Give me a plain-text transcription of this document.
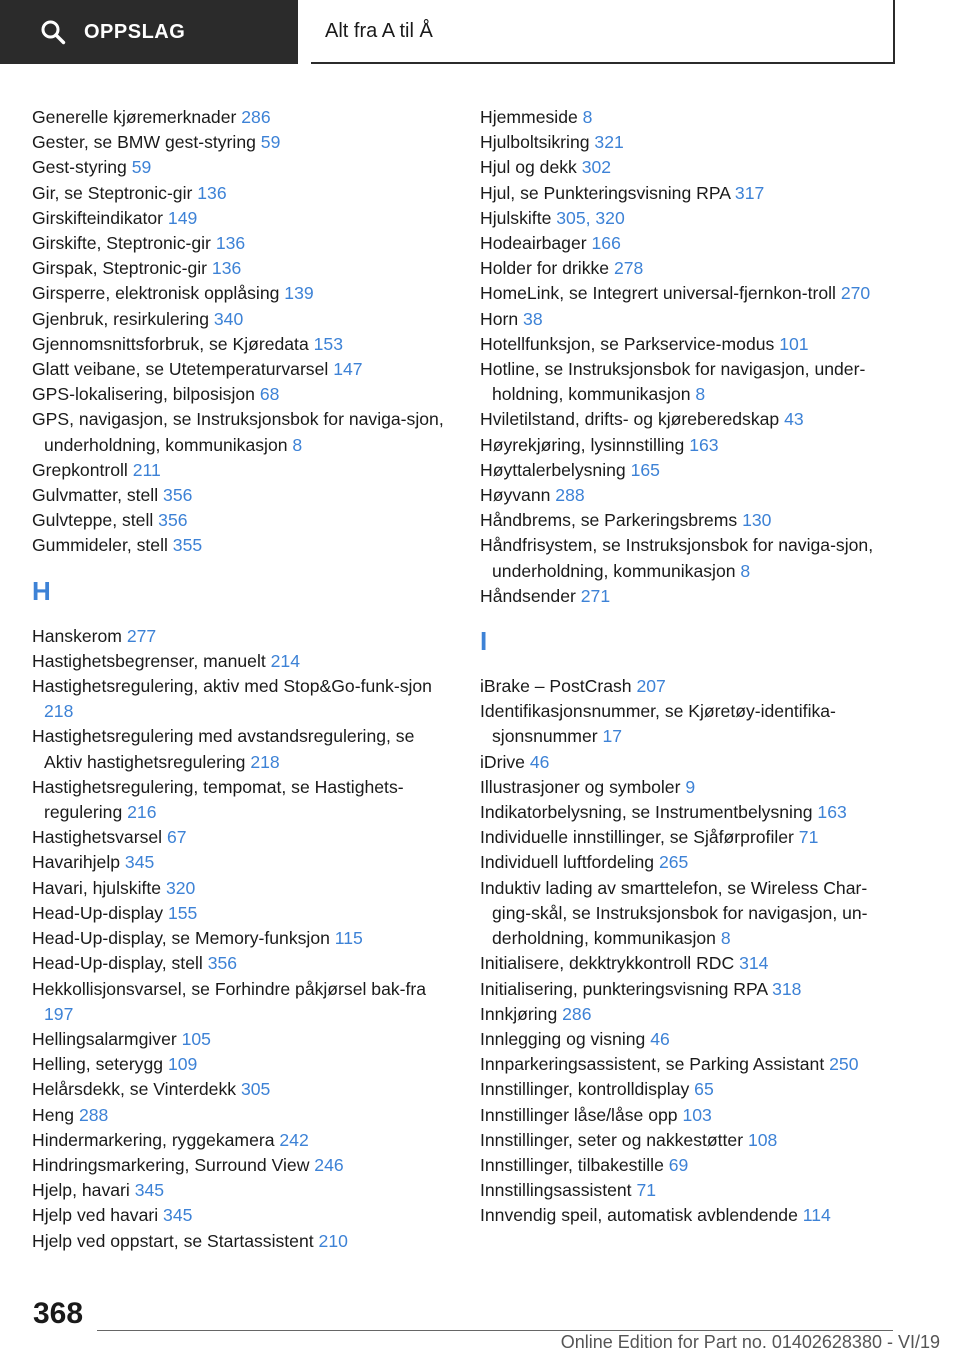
OPPSLAG	Alt fra A til Å
Generelle kjøremerknader 286
Gester, se BMW gest-styring 59
Gest-styring 59
Gir, se Steptronic-gir 136
Girskifteindikator 149
Girskifte, Steptronic-gir 136
Girspak, Steptronic-gir 136
Girsperre, elektronisk opplåsing 139
Gjenbruk, resirkulering 340
Gjennomsnittsforbruk, se Kjøredata 153
Glatt veibane, se Utetemperaturvarsel 147
GPS-lokalisering, bilposisjon 68
GPS, navigasjon, se Instruksjonsbok for naviga-sjon, underholdning, kommunikasjon 8
Grepkontroll 211
Gulvmatter, stell 356
Gulvteppe, stell 356
Gummideler, stell 355
H
Hanskerom 277
Hastighetsbegrenser, manuelt 214
Hastighetsregulering, aktiv med Stop&Go-funk-sjon 218
Hastighetsregulering med avstandsregulering, se Aktiv hastighetsregulering 218
Hastighetsregulering, tempomat, se Hastighets-regulering 216
Hastighetsvarsel 67
Havarihjelp 345
Havari, hjulskifte 320
Head-Up-display 155
Head-Up-display, se Memory-funksjon 115
Head-Up-display, stell 356
Hekkollisjonsvarsel, se Forhindre påkjørsel bak-fra 197
Hellingsalarmgiver 105
Helling, seterygg 109
Helårsdekk, se Vinterdekk 305
Heng 288
Hindermarkering, ryggekamera 242
Hindringsmarkering, Surround View 246
Hjelp, havari 345
Hjelp ved havari 345
Hjelp ved oppstart, se Startassistent 210
Hjemmeside 8
Hjulboltsikring 321
Hjul og dekk 302
Hjul, se Punkteringsvisning RPA 317
Hjulskifte 305, 320
Hodeairbager 166
Holder for drikke 278
HomeLink, se Integrert universal-fjernkon-troll 270
Horn 38
Hotellfunksjon, se Parkservice-modus 101
Hotline, se Instruksjonsbok for navigasjon, under-holdning, kommunikasjon 8
Hviletilstand, drifts- og kjøreberedskap 43
Høyrekjøring, lysinnstilling 163
Høyttalerbelysning 165
Høyvann 288
Håndbrems, se Parkeringsbrems 130
Håndfrisystem, se Instruksjonsbok for naviga-sjon, underholdning, kommunikasjon 8
Håndsender 271
I
iBrake – PostCrash 207
Identifikasjonsnummer, se Kjøretøy-identifika-sjonsnummer 17
iDrive 46
Illustrasjoner og symboler 9
Indikatorbelysning, se Instrumentbelysning 163
Individuelle innstillinger, se Sjåførprofiler 71
Individuell luftfordeling 265
Induktiv lading av smarttelefon, se Wireless Char-ging-skål, se Instruksjonsbok for navigasjon, un-derholdning, kommunikasjon 8
Initialisere, dekktrykkontroll RDC 314
Initialisering, punkteringsvisning RPA 318
Innkjøring 286
Innlegging og visning 46
Innparkeringsassistent, se Parking Assistant 250
Innstillinger, kontrolldisplay 65
Innstillinger låse/låse opp 103
Innstillinger, seter og nakkestøtter 108
Innstillinger, tilbakestille 69
Innstillingsassistent 71
Innvendig speil, automatisk avblendende 114
368
Online Edition for Part no. 01402628380 - VI/19
